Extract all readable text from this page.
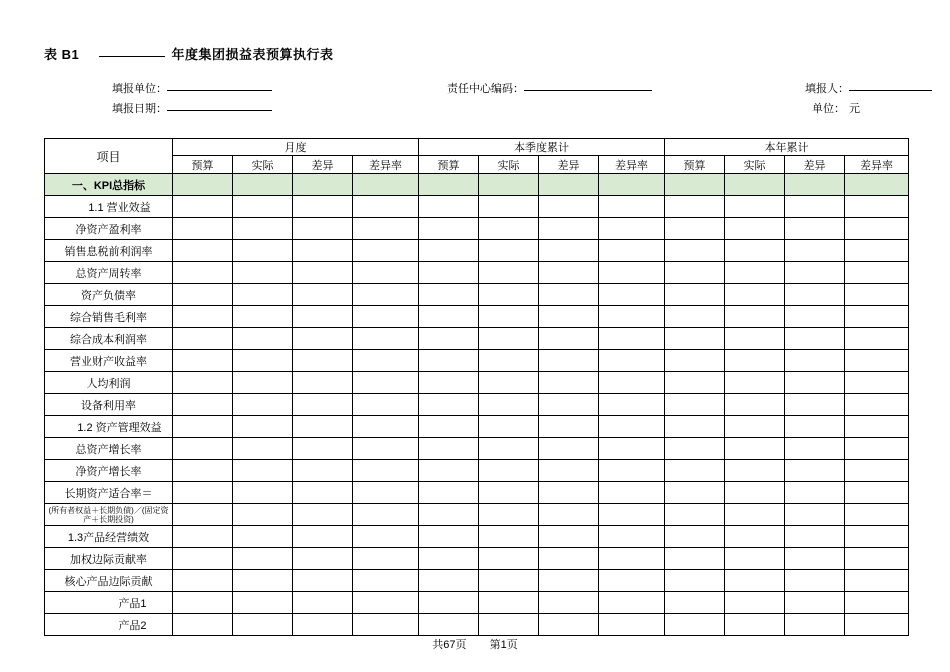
表 B1	年度集团损益表预算执行表
填报单位：	责任中心编码：	填报人：
填报日期：	单位： 元
项目	月度				本季度累计				本年累计			
	预算	实际	差异	差异率	预算	实际	差异	差异率	预算	实际	差异	差异率
一、KPI总指标												
1.1 营业效益												
净资产盈利率												
销售息税前利润率												
总资产周转率												
资产负债率												
综合销售毛利率												
综合成本利润率												
营业财产收益率												
人均利润												
设备利用率												
1.2 资产管理效益												
总资产增长率												
净资产增长率												
长期资产适合率＝												
(所有者权益＋长期负债)／(固定资产＋长期投资)												
1.3产品经营绩效												
加权边际贡献率												
核心产品边际贡献												
产品1												
产品2												
共67页 第1页
